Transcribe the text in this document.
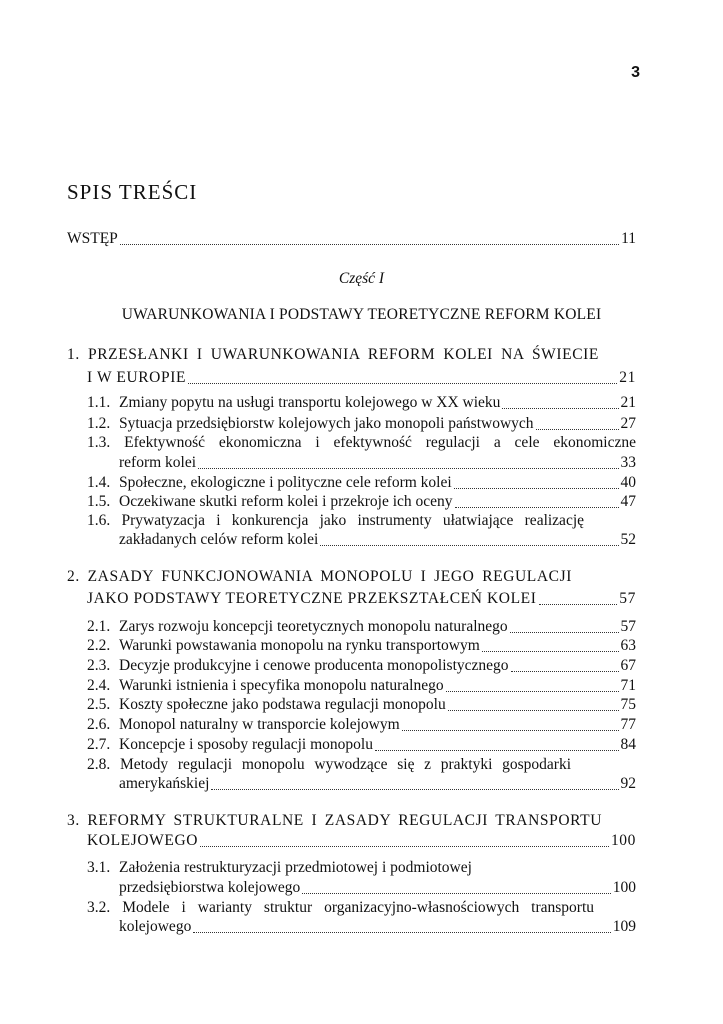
3
SPIS TREŚCI
WSTĘP	11
Część I
UWARUNKOWANIA I PODSTAWY TEORETYCZNE REFORM KOLEI
1. PRZESŁANKI I UWARUNKOWANIA REFORM KOLEI NA ŚWIECIE
I W EUROPIE	21
1.1. Zmiany popytu na usługi transportu kolejowego w XX wieku	21
1.2. Sytuacja przedsiębiorstw kolejowych jako monopoli państwowych	27
1.3. Efektywność ekonomiczna i efektywność regulacji a cele ekonomiczne
reform kolei	33
1.4. Społeczne, ekologiczne i polityczne cele reform kolei	40
1.5. Oczekiwane skutki reform kolei i przekroje ich oceny	47
1.6. Prywatyzacja i konkurencja jako instrumenty ułatwiające realizację
zakładanych celów reform kolei	52
2. ZASADY FUNKCJONOWANIA MONOPOLU I JEGO REGULACJI
JAKO PODSTAWY TEORETYCZNE PRZEKSZTAŁCEŃ KOLEI	57
2.1. Zarys rozwoju koncepcji teoretycznych monopolu naturalnego	57
2.2. Warunki powstawania monopolu na rynku transportowym	63
2.3. Decyzje produkcyjne i cenowe producenta monopolistycznego	67
2.4. Warunki istnienia i specyfika monopolu naturalnego	71
2.5. Koszty społeczne jako podstawa regulacji monopolu	75
2.6. Monopol naturalny w transporcie kolejowym	77
2.7. Koncepcje i sposoby regulacji monopolu	84
2.8. Metody regulacji monopolu wywodzące się z praktyki gospodarki
amerykańskiej	92
3. REFORMY STRUKTURALNE I ZASADY REGULACJI TRANSPORTU
KOLEJOWEGO	100
3.1. Założenia restrukturyzacji przedmiotowej i podmiotowej
przedsiębiorstwa kolejowego	100
3.2. Modele i warianty struktur organizacyjno-własnościowych transportu
kolejowego	109
